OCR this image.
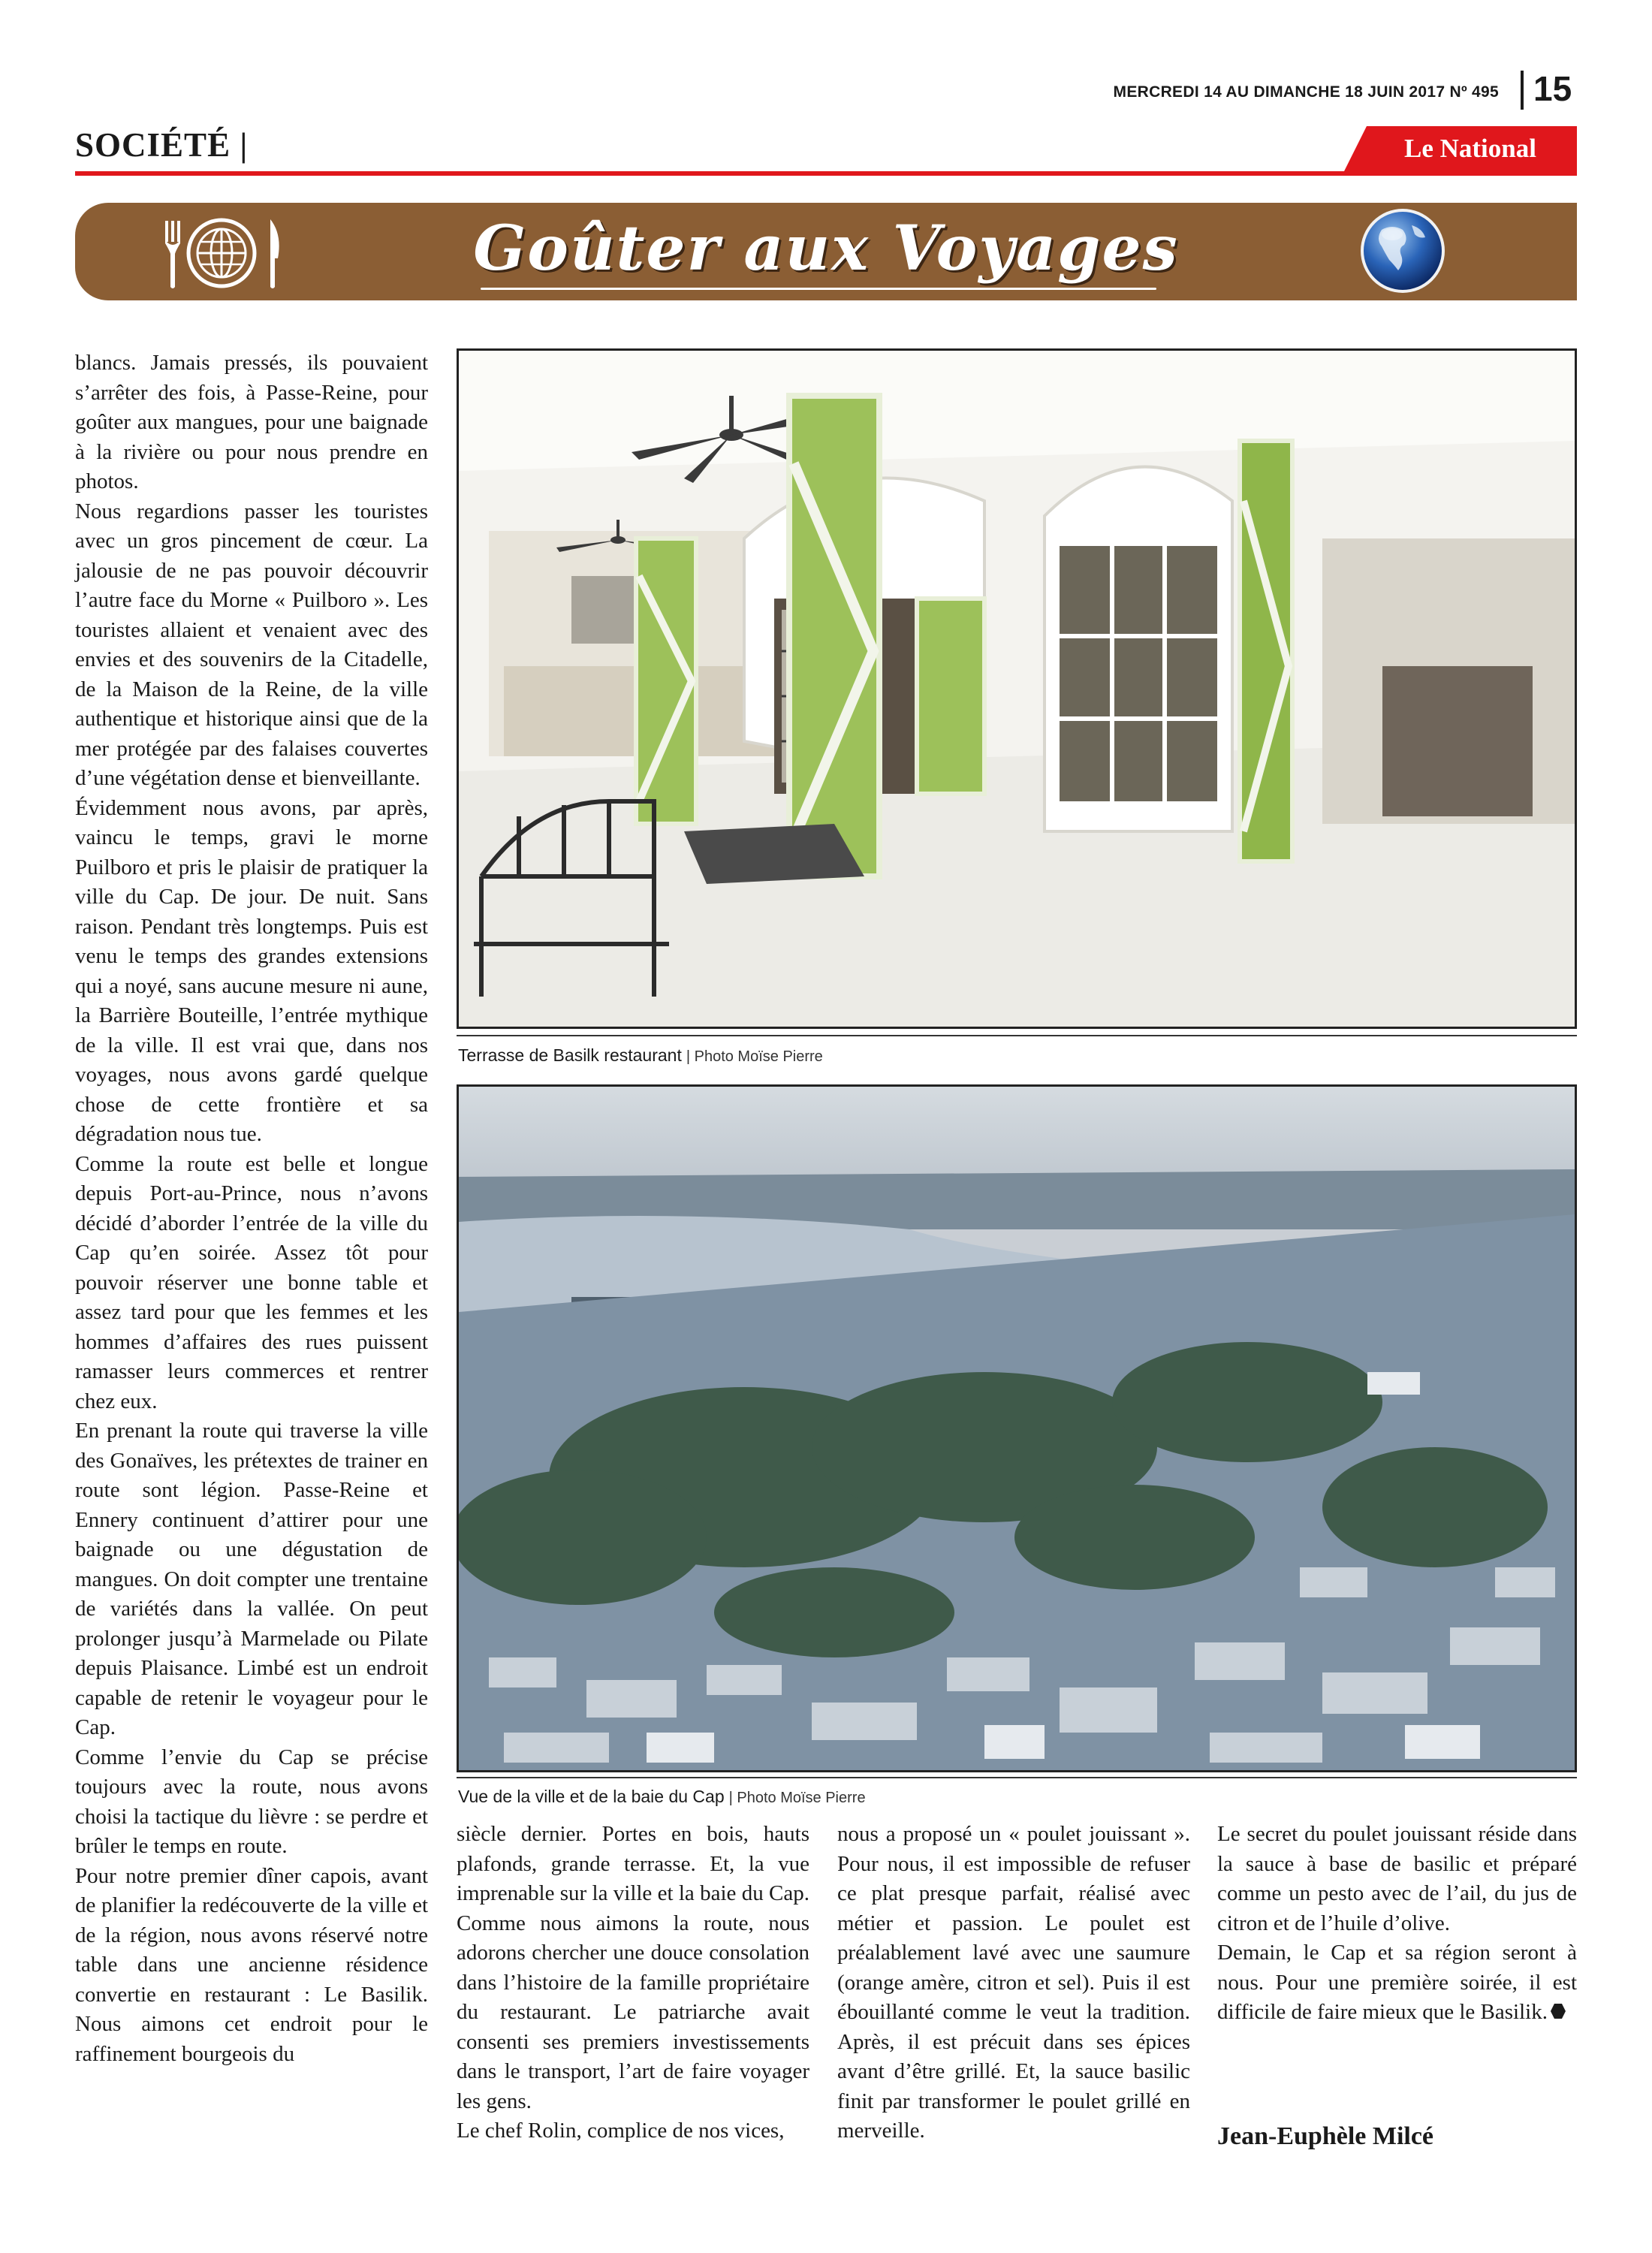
MERCREDI 14 AU DIMANCHE 18 JUIN 2017 Nº 495 15
SOCIÉTÉ |	Le National
Goûter aux Voyages

blancs. Jamais pressés, ils pouvaient s’arrêter des fois, à Passe-Reine, pour goûter aux mangues, pour une baignade à la rivière ou pour nous prendre en photos.

Nous regardions passer les touristes avec un gros pincement de cœur. La jalousie de ne pas pouvoir découvrir l’autre face du Morne « Puilboro ». Les touristes allaient et venaient avec des envies et des souvenirs de la Citadelle, de la Maison de la Reine, de la ville authentique et historique ainsi que de la mer protégée par des falaises couvertes d’une végétation dense et bienveillante.

Évidemment nous avons, par après, vaincu le temps, gravi le morne Puilboro et pris le plaisir de pratiquer la ville du Cap. De jour. De nuit. Sans raison. Pendant très longtemps. Puis est venu le temps des grandes extensions qui a noyé, sans aucune mesure ni aune, la Barrière Bouteille, l’entrée mythique de la ville. Il est vrai que, dans nos voyages, nous avons gardé quelque chose de cette frontière et sa dégradation nous tue.

Comme la route est belle et longue depuis Port-au-Prince, nous n’avons décidé d’aborder l’entrée de la ville du Cap qu’en soirée. Assez tôt pour pouvoir réserver une bonne table et assez tard pour que les femmes et les hommes d’affaires des rues puissent ramasser leurs commerces et rentrer chez eux.

En prenant la route qui traverse la ville des Gonaïves, les prétextes de trainer en route sont légion. Passe-Reine et Ennery continuent d’attirer pour une baignade ou une dégustation de mangues. On doit compter une trentaine de variétés dans la vallée. On peut prolonger jusqu’à Marmelade ou Pilate depuis Plaisance. Limbé est un endroit capable de retenir le voyageur pour le Cap.

Comme l’envie du Cap se précise toujours avec la route, nous avons choisi la tactique du lièvre : se perdre et brûler le temps en route.

Pour notre premier dîner capois, avant de planifier la redécouverte de la ville et de la région, nous avons réservé notre table dans une ancienne résidence convertie en restaurant : Le Basilik. Nous aimons cet endroit pour le raffinement bourgeois du

Terrasse de Basilk restaurant | Photo Moïse Pierre
Vue de la ville et de la baie du Cap | Photo Moïse Pierre

siècle dernier. Portes en bois, hauts plafonds, grande terrasse. Et, la vue imprenable sur la ville et la baie du Cap. Comme nous aimons la route, nous adorons chercher une douce consolation dans l’histoire de la famille propriétaire du restaurant. Le patriarche avait consenti ses premiers investissements dans le transport, l’art de faire voyager les gens.

Le chef Rolin, complice de nos vices,

nous a proposé un « poulet jouissant ». Pour nous, il est impossible de refuser ce plat presque parfait, réalisé avec métier et passion. Le poulet est préalablement lavé avec une saumure (orange amère, citron et sel). Puis il est ébouillanté comme le veut la tradition. Après, il est précuit dans ses épices avant d’être grillé. Et, la sauce basilic finit par transformer le poulet grillé en merveille.

Le secret du poulet jouissant réside dans la sauce à base de basilic et préparé comme un pesto avec de l’ail, du jus de citron et de l’huile d’olive.

Demain, le Cap et sa région seront à nous. Pour une première soirée, il est difficile de faire mieux que le Basilik.

Jean-Euphèle Milcé
